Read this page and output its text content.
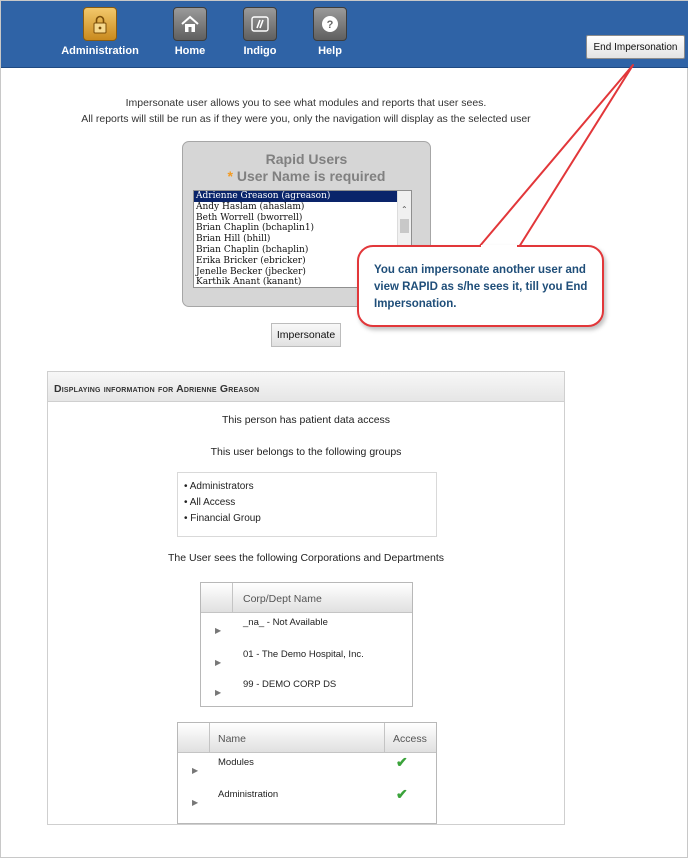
Administration	Home	Indigo
?
Help	End Impersonation
Impersonate user allows you to see what modules and reports that user sees.
All reports will still be run as if they were you, only the navigation will display as the selected user
Rapid Users
* User Name is required
Adrienne Greason (agreason)
Andy Haslam (ahaslam)
Beth Worrell (bworrell)
Brian Chaplin (bchaplin1)
Brian Hill (bhill)
Brian Chaplin (bchaplin)
Erika Bricker (ebricker)
Jenelle Becker (jbecker)
Karthik Anant (kanant)
⌃
Impersonate
You can impersonate another user and view RAPID as s/he sees it, till you End Impersonation.
Displaying information for Adrienne Greason
This person has patient data access
This user belongs to the following groups
• Administrators
• All Access
• Financial Group
The User sees the following Corporations and Departments
Corp/Dept Name
▶
_na_ - Not Available
▶
01 - The Demo Hospital, Inc.
▶
99 - DEMO CORP DS
Name	Access
▶
Modules	✔
▶
Administration	✔
